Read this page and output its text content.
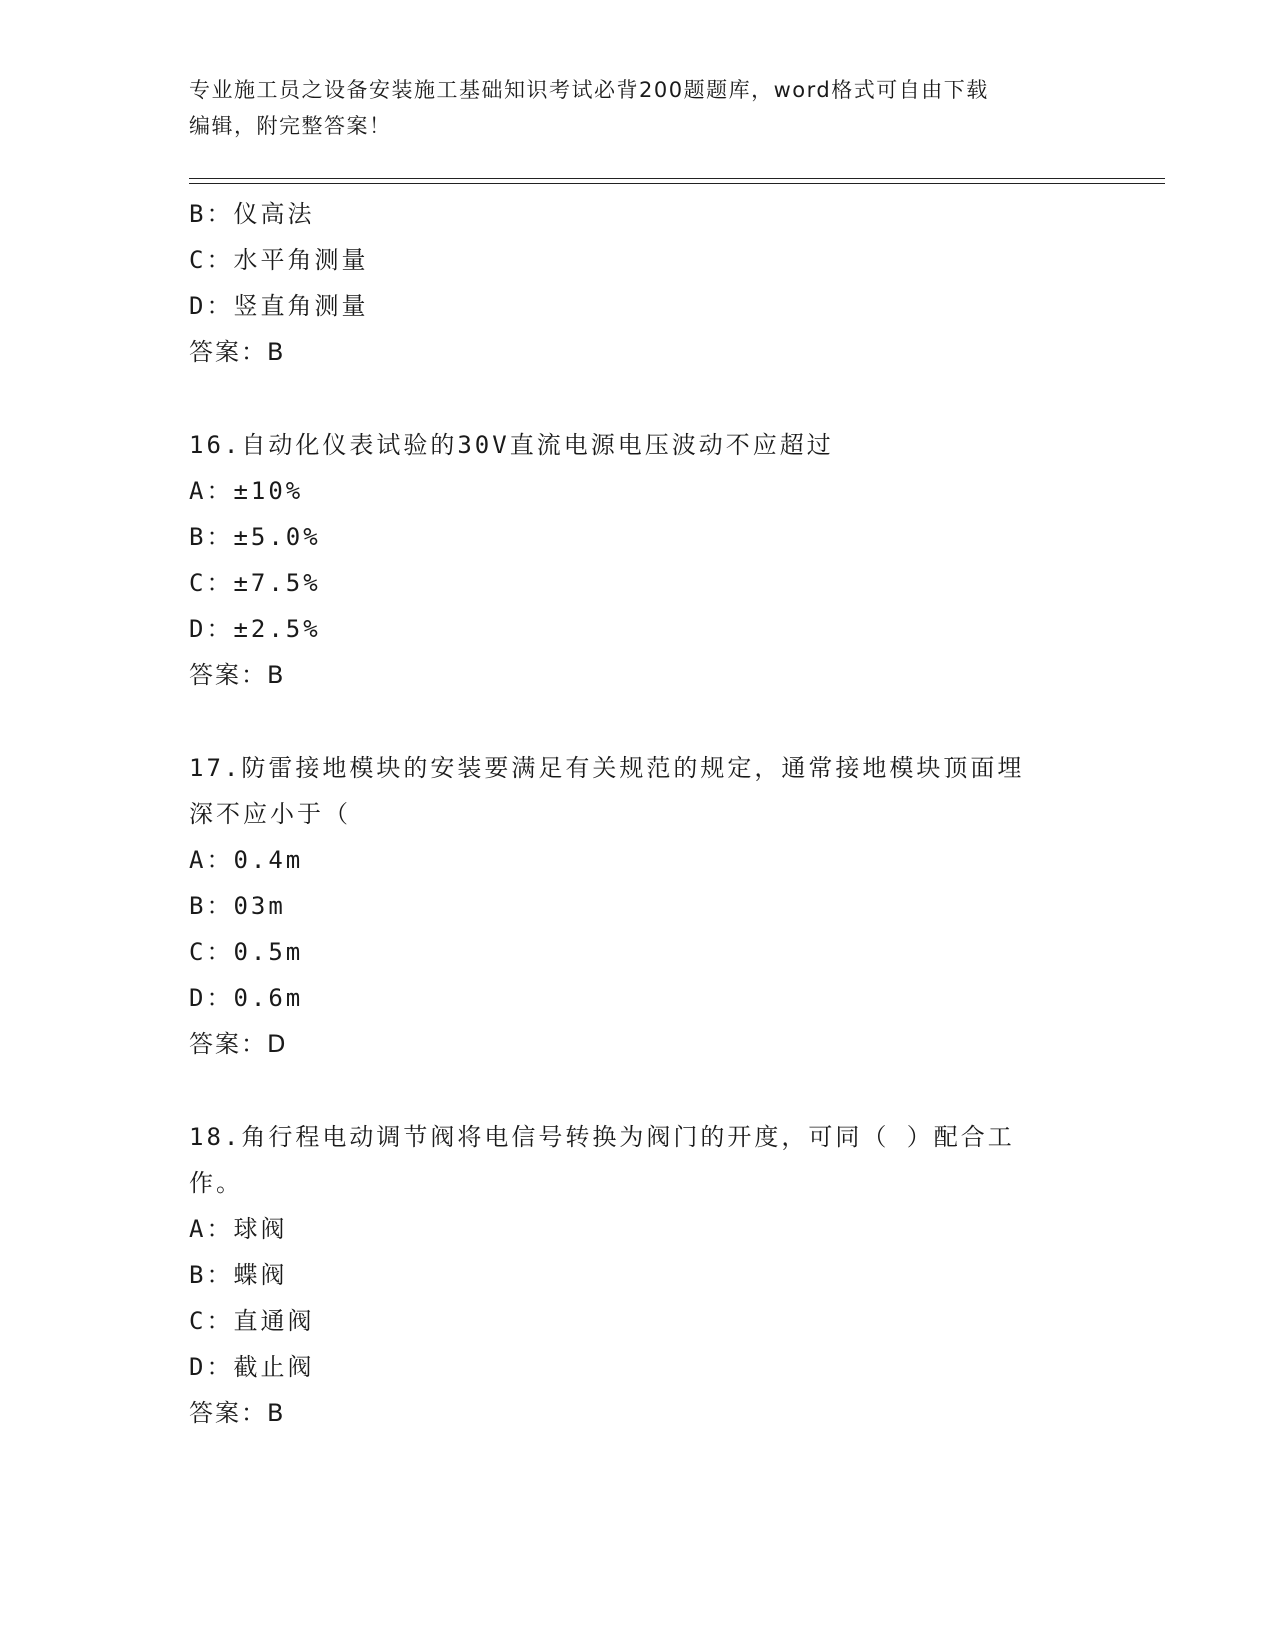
专业施工员之设备安装施工基础知识考试必背200题题库，word格式可自由下载
编辑，附完整答案！
B：仪高法
C：水平角测量
D：竖直角测量
答案：B
16.自动化仪表试验的30V直流电源电压波动不应超过
A：±10%
B：±5.0%
C：±7.5%
D：±2.5%
答案：B
17.防雷接地模块的安装要满足有关规范的规定，通常接地模块顶面埋
深不应小于（
A：0.4m
B：03m
C：0.5m
D：0.6m
答案：D
18.角行程电动调节阀将电信号转换为阀门的开度，可同（ ）配合工
作。
A：球阀
B：蝶阀
C：直通阀
D：截止阀
答案：B
